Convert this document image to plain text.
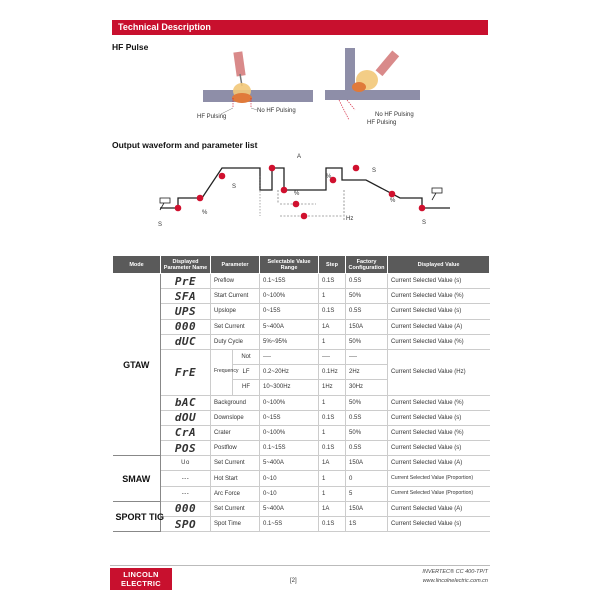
Technical Description
HF Pulse
HF Pulsing
No HF Pulsing
No HF Pulsing
HF Pulsing
Output waveform and parameter list
A
S
S
%
%
%
S
%
Hz
S
Mode	Displayed Parameter Name	Parameter		Selectable Value Range	Step	Factory Configuration	Displayed Value
GTAW	PrE	Preflow		0.1~15S	0.1S	0.5S	Current Selected Value (s)
	SFA	Start Current		0~100%	1	50%	Current Selected Value (%)
	UPS	Upslope		0~15S	0.1S	0.5S	Current Selected Value (s)
	000	Set Current		5~400A	1A	150A	Current Selected Value (A)
	dUC	Duty Cycle		5%~95%	1	50%	Current Selected Value (%)
	FrE	Frequency	Not	----	----	----	Current Selected Value (Hz)
			LF	0.2~20Hz	0.1Hz	2Hz	
			HF	10~300Hz	1Hz	30Hz	
	bAC	Background		0~100%	1	50%	Current Selected Value (%)
	dOU	Downslope		0~15S	0.1S	0.5S	Current Selected Value (s)
	CrA	Crater		0~100%	1	50%	Current Selected Value (%)
	POS	Postflow		0.1~15S	0.1S	0.5S	Current Selected Value (s)
SMAW	Uo	Set Current		5~400A	1A	150A	Current Selected Value (A)
	---	Hot Start		0~10	1	0	Current Selected Value (Proportion)
	---	Arc Force		0~10	1	5	Current Selected Value (Proportion)
SPORT TIG	000	Set Current		5~400A	1A	150A	Current Selected Value (A)
	SPO	Spot Time		0.1~5S	0.1S	1S	Current Selected Value (s)
LINCOLN
ELECTRIC
INVERTEC® CC 400-TP/T
[2]	www.lincolnelectric.com.cn
